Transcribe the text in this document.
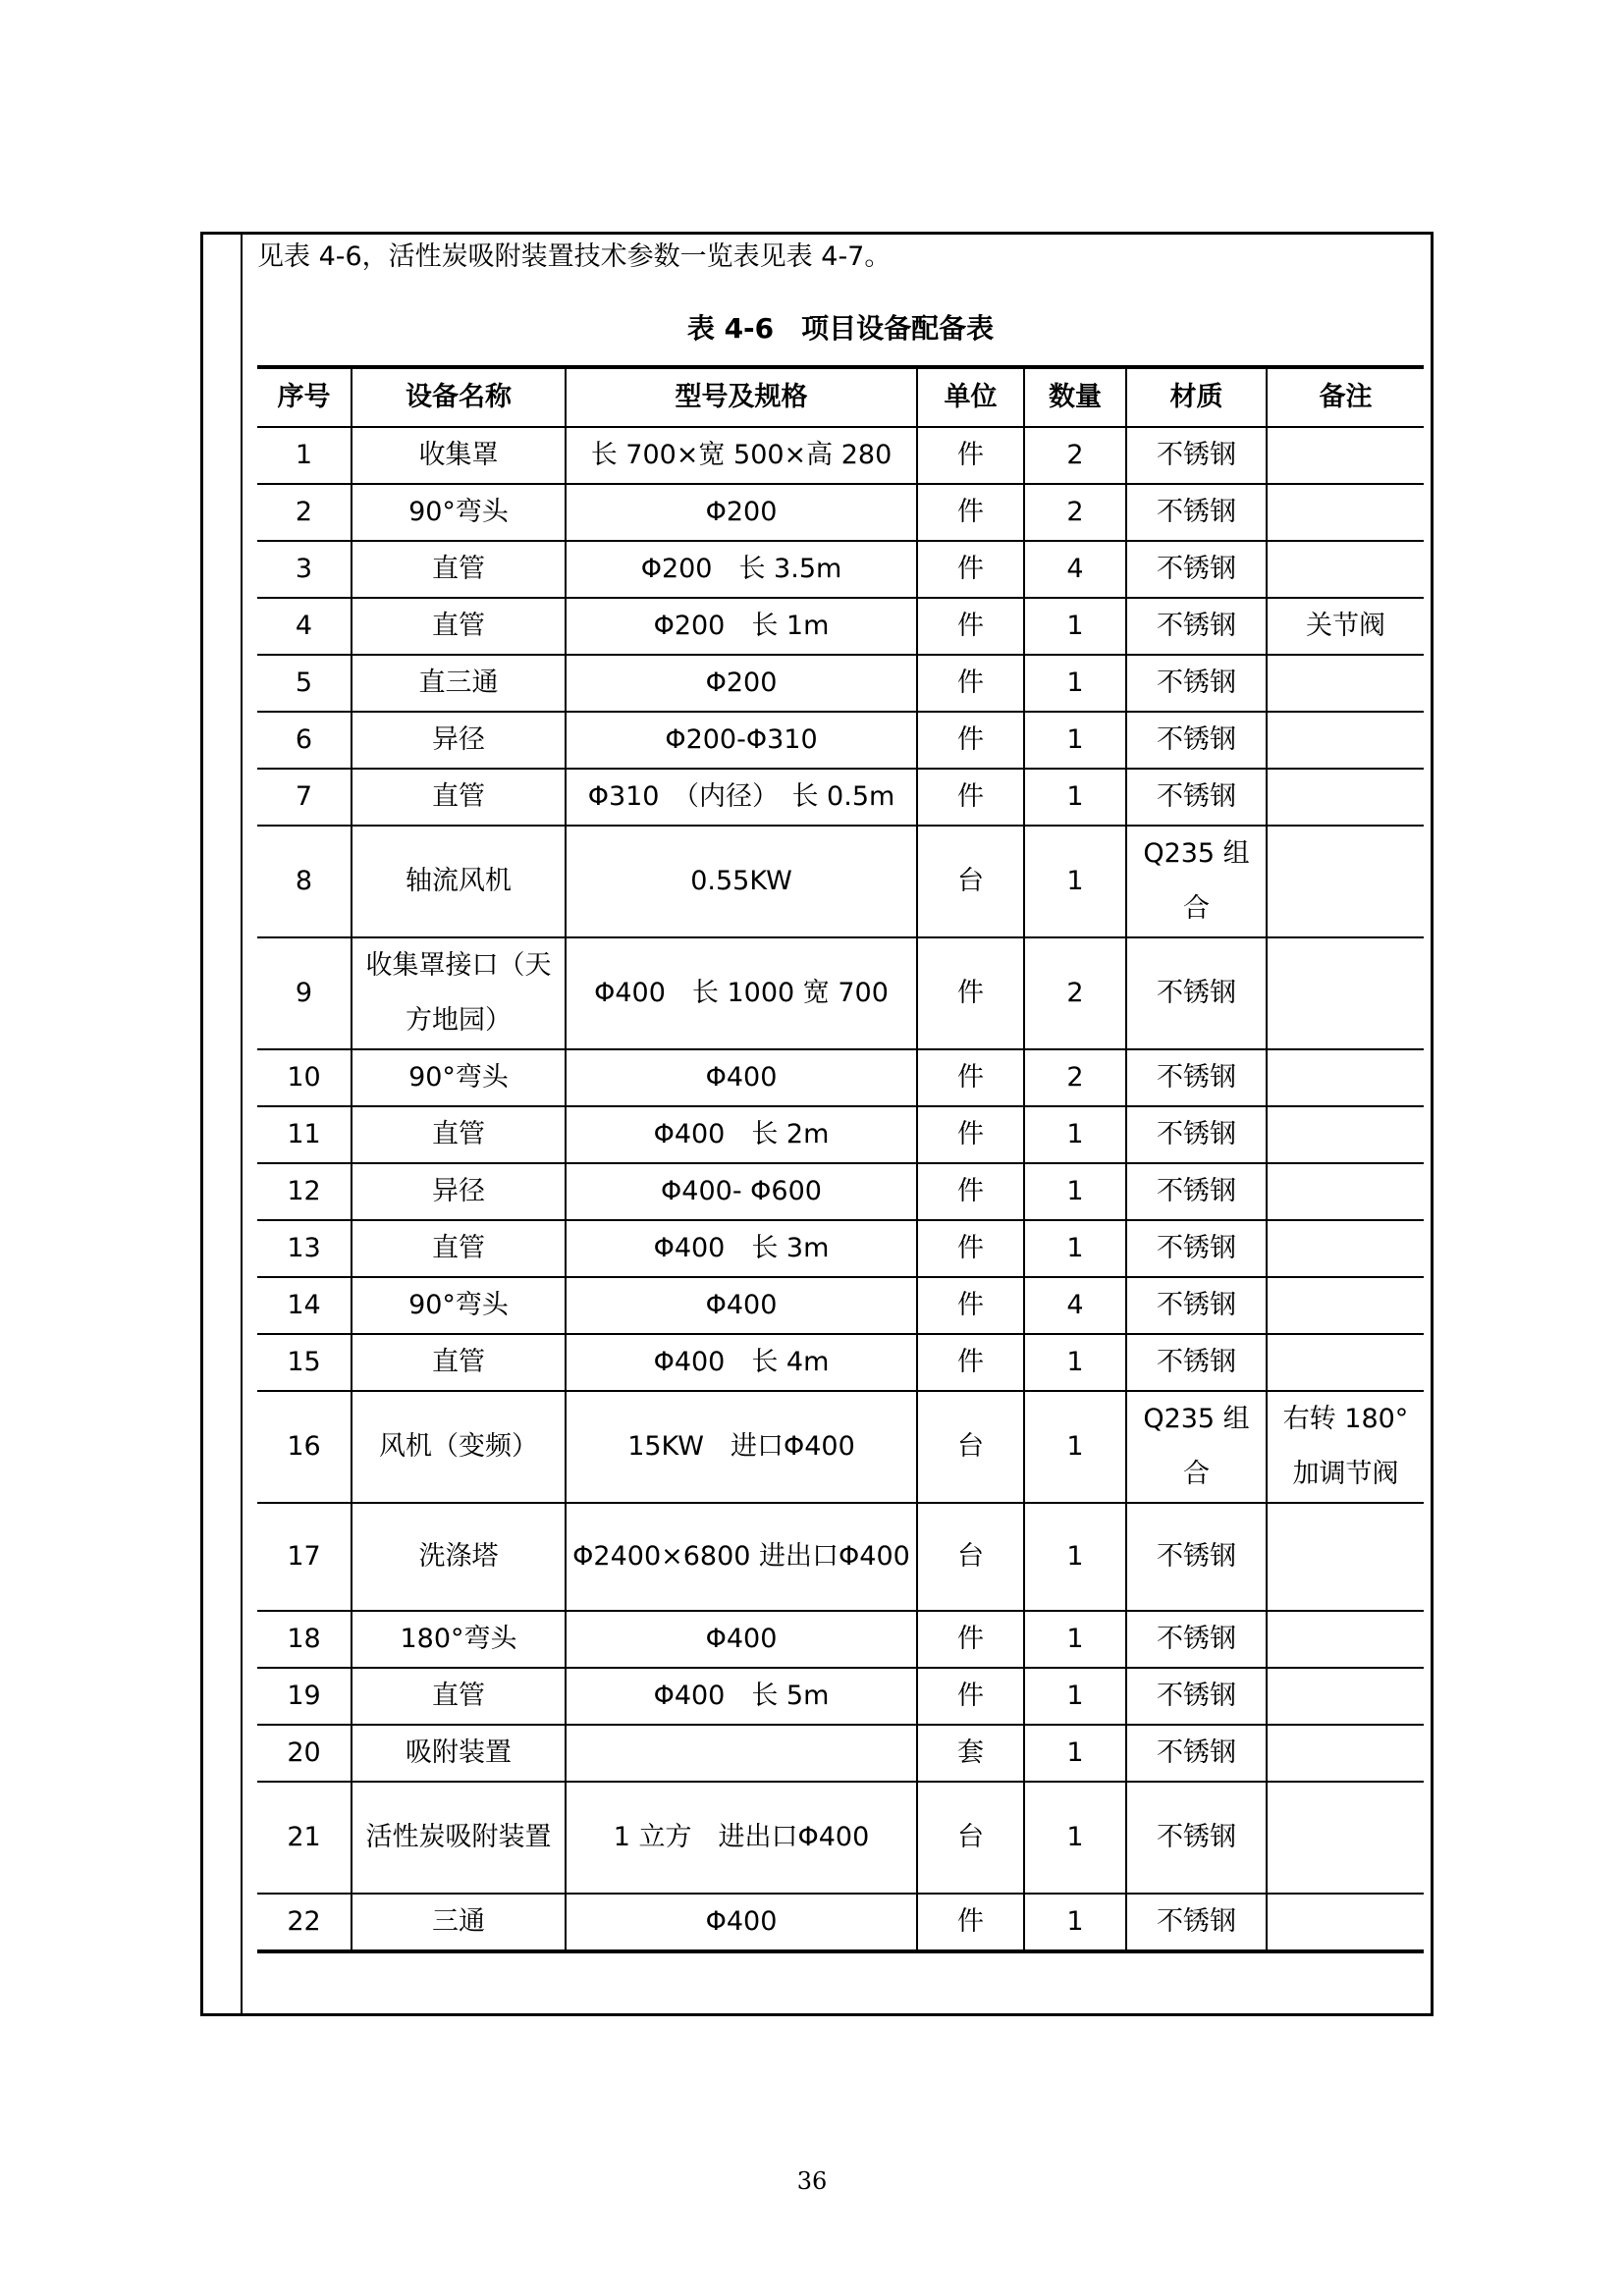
见表 4-6，活性炭吸附装置技术参数一览表见表 4-7。
表 4-6　项目设备配备表
序号	设备名称	型号及规格	单位	数量	材质	备注
1	收集罩	长 700×宽 500×高 280	件	2	不锈钢	
2	90°弯头	Φ200	件	2	不锈钢	
3	直管	Φ200　长 3.5m	件	4	不锈钢	
4	直管	Φ200　长 1m	件	1	不锈钢	关节阀
5	直三通	Φ200	件	1	不锈钢	
6	异径	Φ200-Φ310	件	1	不锈钢	
7	直管	Φ310　（内径）　长 0.5m	件	1	不锈钢	
8	轴流风机	0.55KW	台	1	Q235 组合	
9	收集罩接口（天方地园）	Φ400　长 1000 宽 700	件	2	不锈钢	
10	90°弯头	Φ400	件	2	不锈钢	
11	直管	Φ400　长 2m	件	1	不锈钢	
12	异径	Φ400- Φ600	件	1	不锈钢	
13	直管	Φ400　长 3m	件	1	不锈钢	
14	90°弯头	Φ400	件	4	不锈钢	
15	直管	Φ400　长 4m	件	1	不锈钢	
16	风机（变频）	15KW　进口Φ400	台	1	Q235 组合	右转 180°加调节阀
17	洗涤塔	Φ2400×6800 进出口Φ400	台	1	不锈钢	
18	180°弯头	Φ400	件	1	不锈钢	
19	直管	Φ400　长 5m	件	1	不锈钢	
20	吸附装置		套	1	不锈钢	
21	活性炭吸附装置	1 立方　进出口Φ400	台	1	不锈钢	
22	三通	Φ400	件	1	不锈钢	
36
